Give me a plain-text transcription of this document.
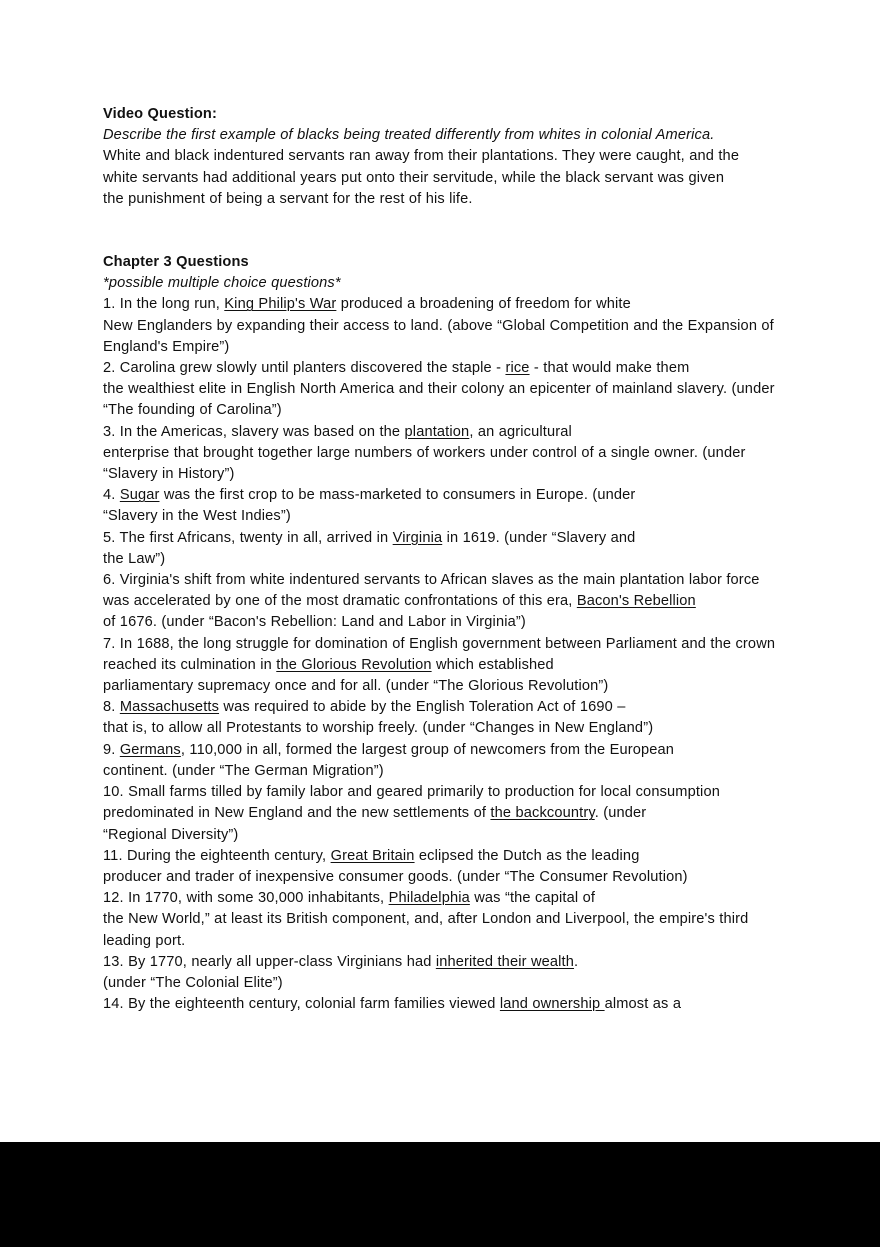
Video Question:
Describe the first example of blacks being treated differently from whites in colonial America.
White and black indentured servants ran away from their plantations. They were caught, and the
white servants had additional years put onto their servitude, while the black servant was given
the punishment of being a servant for the rest of his life.
Chapter 3 Questions
*possible multiple choice questions*
1. In the long run, King Philip's War produced a broadening of freedom for white
New Englanders by expanding their access to land. (above “Global Competition and the Expansion of
England's Empire”)
2. Carolina grew slowly until planters discovered the staple - rice - that would make them
the wealthiest elite in English North America and their colony an epicenter of mainland slavery. (under
“The founding of Carolina”)
3. In the Americas, slavery was based on the plantation, an agricultural
enterprise that brought together large numbers of workers under control of a single owner. (under
“Slavery in History”)
4. Sugar was the first crop to be mass-marketed to consumers in Europe. (under
“Slavery in the West Indies”)
5. The first Africans, twenty in all, arrived in Virginia in 1619. (under “Slavery and
the Law”)
6. Virginia's shift from white indentured servants to African slaves as the main plantation labor force
was accelerated by one of the most dramatic confrontations of this era, Bacon's Rebellion
of 1676. (under “Bacon's Rebellion: Land and Labor in Virginia”)
7. In 1688, the long struggle for domination of English government between Parliament and the crown
reached its culmination in the Glorious Revolution which established
parliamentary supremacy once and for all. (under “The Glorious Revolution”)
8. Massachusetts was required to abide by the English Toleration Act of 1690 –
that is, to allow all Protestants to worship freely. (under “Changes in New England”)
9. Germans, 110,000 in all, formed the largest group of newcomers from the European
continent. (under “The German Migration”)
10. Small farms tilled by family labor and geared primarily to production for local consumption
predominated in New England and the new settlements of the backcountry. (under
“Regional Diversity”)
11. During the eighteenth century, Great Britain eclipsed the Dutch as the leading
producer and trader of inexpensive consumer goods. (under “The Consumer Revolution)
12. In 1770, with some 30,000 inhabitants, Philadelphia was “the capital of
the New World,” at least its British component, and, after London and Liverpool, the empire's third
leading port.
13. By 1770, nearly all upper-class Virginians had inherited their wealth.
(under “The Colonial Elite”)
14. By the eighteenth century, colonial farm families viewed land ownership almost as a
